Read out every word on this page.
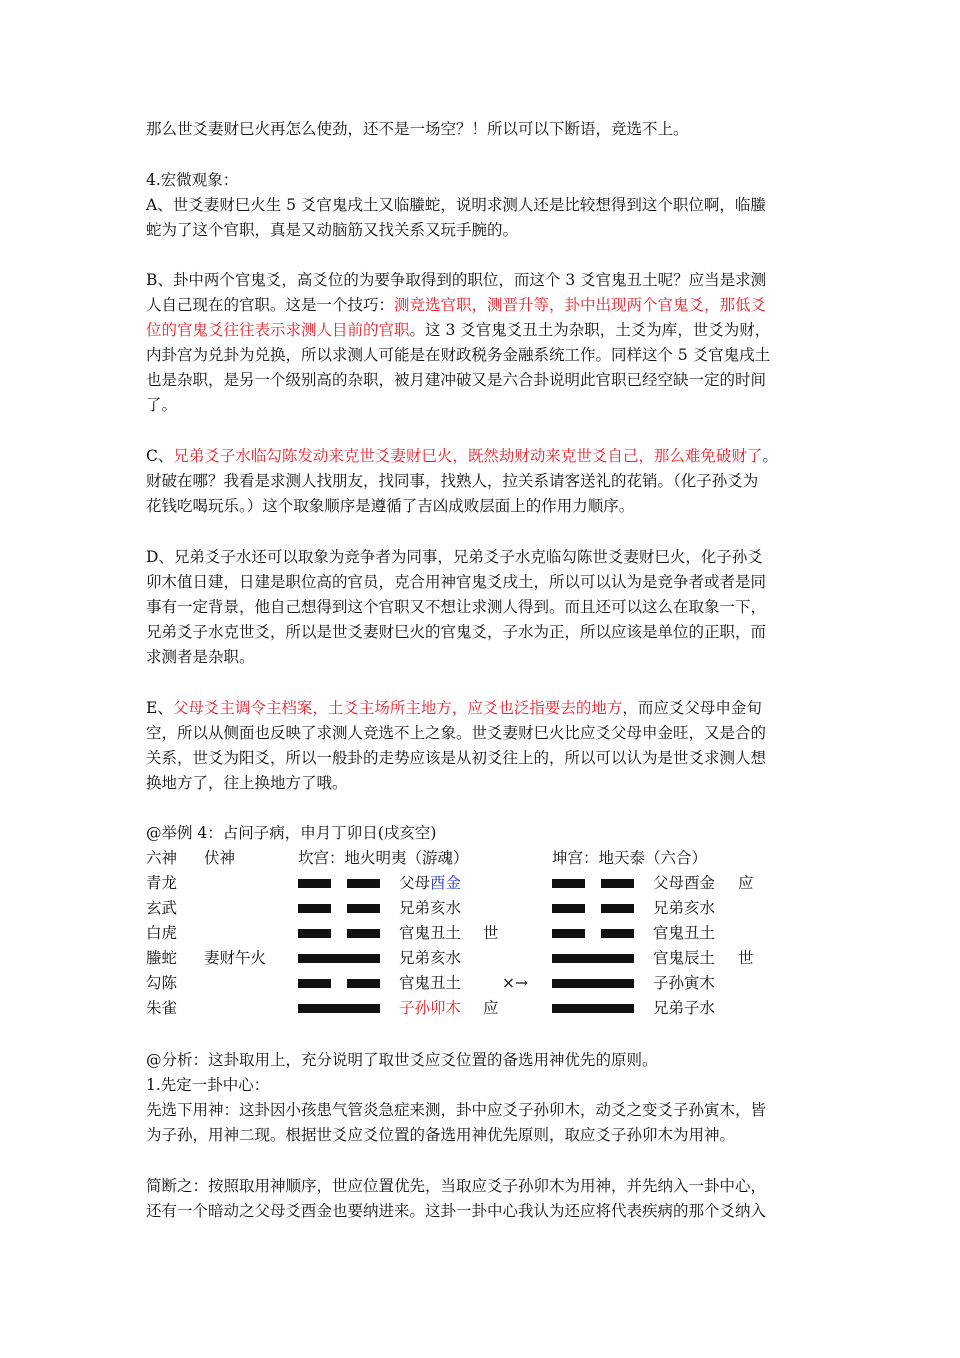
那么世爻妻财巳火再怎么使劲，还不是一场空？！所以可以下断语，竞选不上。
4.宏微观象：
A、世爻妻财巳火生 5 爻官鬼戌土又临螣蛇，说明求测人还是比较想得到这个职位啊，临螣
蛇为了这个官职，真是又动脑筋又找关系又玩手腕的。
B、卦中两个官鬼爻，高爻位的为要争取得到的职位，而这个 3 爻官鬼丑土呢？应当是求测
人自己现在的官职。这是一个技巧：测竞选官职，测晋升等，卦中出现两个官鬼爻，那低爻
位的官鬼爻往往表示求测人目前的官职。这 3 爻官鬼爻丑土为杂职，土爻为库，世爻为财，
内卦宫为兑卦为兑换，所以求测人可能是在财政税务金融系统工作。同样这个 5 爻官鬼戌土
也是杂职，是另一个级别高的杂职，被月建冲破又是六合卦说明此官职已经空缺一定的时间
了。
C、兄弟爻子水临勾陈发动来克世爻妻财巳火，既然劫财动来克世爻自己，那么难免破财了。
财破在哪？我看是求测人找朋友，找同事，找熟人，拉关系请客送礼的花销。（化子孙爻为
花钱吃喝玩乐。）这个取象顺序是遵循了吉凶成败层面上的作用力顺序。
D、兄弟爻子水还可以取象为竞争者为同事，兄弟爻子水克临勾陈世爻妻财巳火，化子孙爻
卯木值日建，日建是职位高的官员，克合用神官鬼爻戌土，所以可以认为是竞争者或者是同
事有一定背景，他自己想得到这个官职又不想让求测人得到。而且还可以这么在取象一下，
兄弟爻子水克世爻，所以是世爻妻财巳火的官鬼爻，子水为正，所以应该是单位的正职，而
求测者是杂职。
E、父母爻主调令主档案，土爻主场所主地方，应爻也泛指要去的地方，而应爻父母申金旬
空，所以从侧面也反映了求测人竞选不上之象。世爻妻财巳火比应爻父母申金旺，又是合的
关系，世爻为阳爻，所以一般卦的走势应该是从初爻往上的，所以可以认为是世爻求测人想
换地方了，往上换地方了哦。
@举例 4：占问子病，申月丁卯日(戌亥空)
六神 伏神	坎宫：地火明夷（游魂）	坤宫：地天泰（六合）
青龙	父母酉金	父母酉金 应
玄武	兄弟亥水	兄弟亥水
白虎	官鬼丑土 世	官鬼丑土
螣蛇 妻财午火	兄弟亥水	官鬼辰土 世
勾陈	官鬼丑土	×→	子孙寅木
朱雀	子孙卯木 应	兄弟子水
@分析：这卦取用上，充分说明了取世爻应爻位置的备选用神优先的原则。
1.先定一卦中心：
先选下用神：这卦因小孩患气管炎急症来测，卦中应爻子孙卯木，动爻之变爻子孙寅木，皆
为子孙，用神二现。根据世爻应爻位置的备选用神优先原则，取应爻子孙卯木为用神。
简断之：按照取用神顺序，世应位置优先，当取应爻子孙卯木为用神，并先纳入一卦中心，
还有一个暗动之父母爻酉金也要纳进来。这卦一卦中心我认为还应将代表疾病的那个爻纳入
